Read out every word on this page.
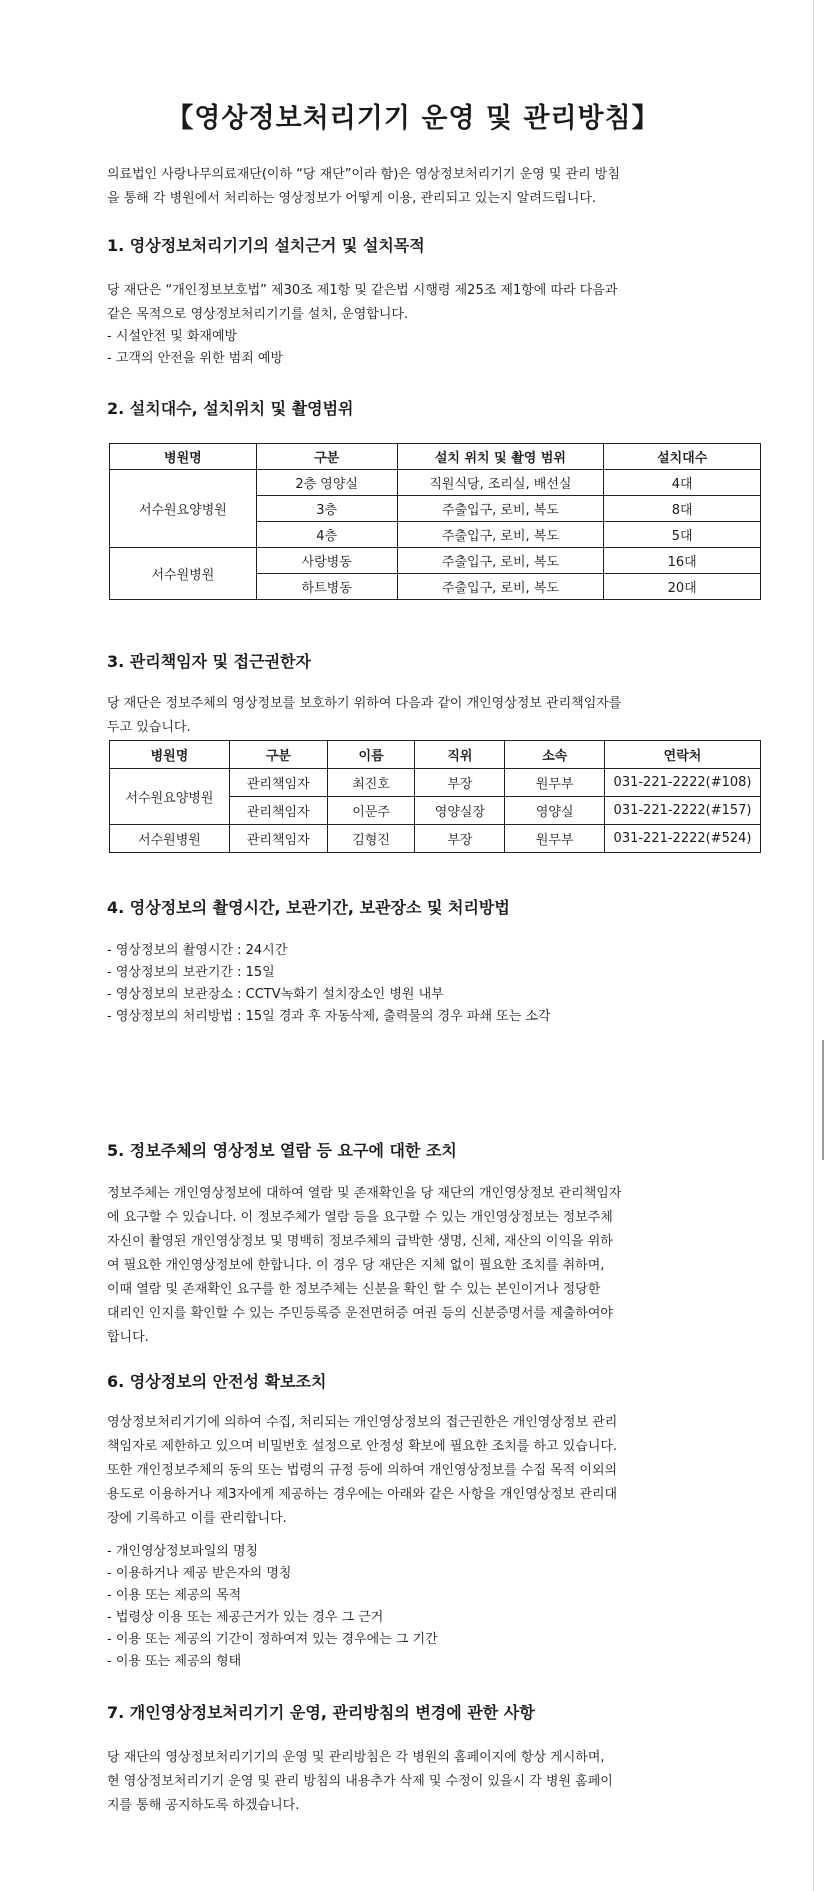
【영상정보처리기기 운영 및 관리방침】
의료법인 사랑나무의료재단(이하 “당 재단”이라 함)은 영상정보처리기기 운영 및 관리 방침
을 통해 각 병원에서 처리하는 영상정보가 어떻게 이용, 관리되고 있는지 알려드립니다.
1. 영상정보처리기기의 설치근거 및 설치목적
당 재단은 “개인정보보호법” 제30조 제1항 및 같은법 시행령 제25조 제1항에 따라 다음과
같은 목적으로 영상정보처리기기를 설치, 운영합니다.
- 시설안전 및 화재예방
- 고객의 안전을 위한 범죄 예방
2. 설치대수, 설치위치 및 촬영범위
병원명	구분	설치 위치 및 촬영 범위	설치대수
서수원요양병원	2층 영양실	직원식당, 조리실, 배선실	4대
	3층	주출입구, 로비, 복도	8대
	4층	주출입구, 로비, 복도	5대
서수원병원	사랑병동	주출입구, 로비, 복도	16대
	하트병동	주출입구, 로비, 복도	20대
3. 관리책임자 및 접근권한자
당 재단은 정보주체의 영상정보를 보호하기 위하여 다음과 같이 개인영상정보 관리책임자를
두고 있습니다.
병원명	구분	이름	직위	소속	연락처
서수원요양병원	관리책임자	최진호	부장	원무부	031-221-2222(#108)
	관리책임자	이문주	영양실장	영양실	031-221-2222(#157)
서수원병원	관리책임자	김형진	부장	원무부	031-221-2222(#524)
4. 영상정보의 촬영시간, 보관기간, 보관장소 및 처리방법
- 영상정보의 촬영시간 : 24시간
- 영상정보의 보관기간 : 15일
- 영상정보의 보관장소 : CCTV녹화기 설치장소인 병원 내부
- 영상정보의 처리방법 : 15일 경과 후 자동삭제, 출력물의 경우 파쇄 또는 소각
5. 정보주체의 영상정보 열람 등 요구에 대한 조치
정보주체는 개인영상정보에 대하여 열람 및 존재확인을 당 재단의 개인영상정보 관리책임자
에 요구할 수 있습니다. 이 정보주체가 열람 등을 요구할 수 있는 개인영상정보는 정보주체
자신이 촬영된 개인영상정보 및 명백히 정보주체의 급박한 생명, 신체, 재산의 이익을 위하
여 필요한 개인영상정보에 한합니다. 이 경우 당 재단은 지체 없이 필요한 조치를 취하며,
이때 열람 및 존재확인 요구를 한 정보주체는 신분을 확인 할 수 있는 본인이거나 정당한
대리인 인지를 확인할 수 있는 주민등록증 운전면허증 여권 등의 신분증명서를 제출하여야
합니다.
6. 영상정보의 안전성 확보조치
영상정보처리기기에 의하여 수집, 처리되는 개인영상정보의 접근권한은 개인영상정보 관리
책임자로 제한하고 있으며 비밀번호 설정으로 안정성 확보에 필요한 조치를 하고 있습니다.
또한 개인정보주체의 동의 또는 법령의 규정 등에 의하여 개인영상정보를 수집 목적 이외의
용도로 이용하거나 제3자에게 제공하는 경우에는 아래와 같은 사항을 개인영상정보 관리대
장에 기록하고 이를 관리합니다.
- 개인영상정보파일의 명칭
- 이용하거나 제공 받은자의 명칭
- 이용 또는 제공의 목적
- 법령상 이용 또는 제공근거가 있는 경우 그 근거
- 이용 또는 제공의 기간이 정하여져 있는 경우에는 그 기간
- 이용 또는 제공의 형태
7. 개인영상정보처리기기 운영, 관리방침의 변경에 관한 사항
당 재단의 영상정보처리기기의 운영 및 관리방침은 각 병원의 홈페이지에 항상 게시하며,
현 영상정보처리기기 운영 및 관리 방침의 내용추가 삭제 및 수정이 있을시 각 병원 홈페이
지를 통해 공지하도록 하겠습니다.
